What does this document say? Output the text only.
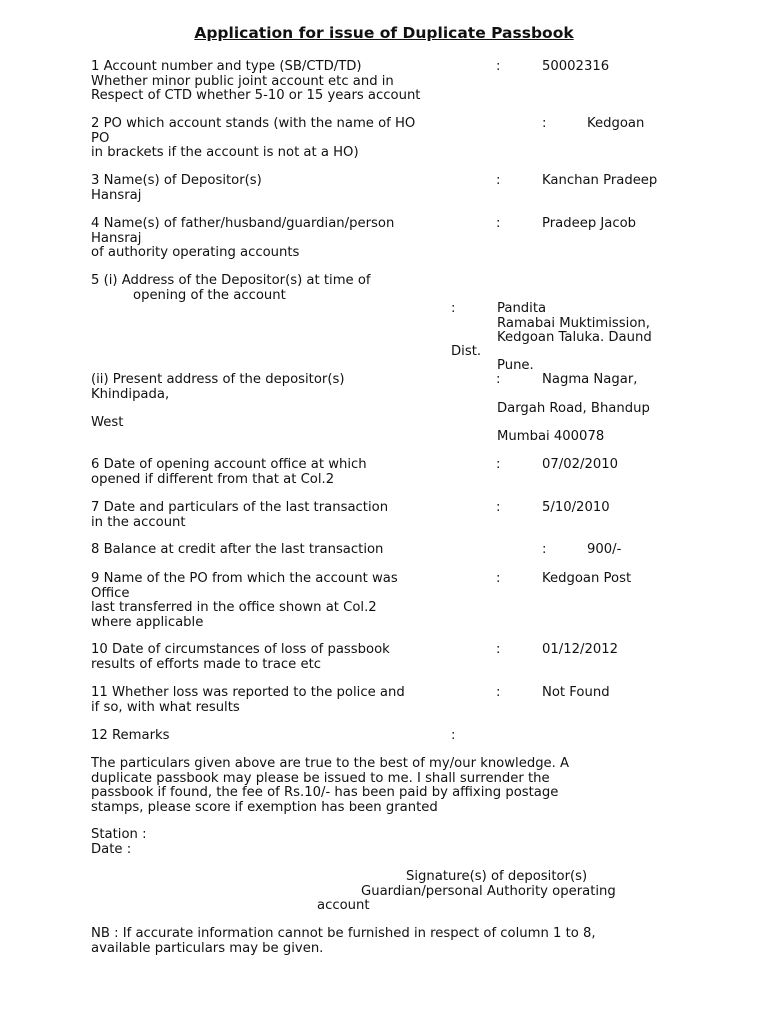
Application for issue of Duplicate Passbook
1 Account number and type (SB/CTD/TD)
Whether minor public joint account etc and in
Respect of CTD whether 5-10 or 15 years account
:	50002316
2 PO which account stands (with the name of HO
PO
in brackets if the account is not at a HO)
:	Kedgoan
3 Name(s) of Depositor(s)
Hansraj
:	Kanchan Pradeep
4 Name(s) of father/husband/guardian/person
Hansraj
of authority operating accounts
:	Pradeep Jacob
5 (i) Address of the Depositor(s) at time of
opening of the account
:	Pandita
Ramabai Muktimission,
Kedgoan Taluka. Daund
Dist.
Pune.
(ii) Present address of the depositor(s)
Khindipada,
West
:	Nagma Nagar,
Dargah Road, Bhandup
Mumbai 400078
6 Date of opening account office at which
opened if different from that at Col.2
:	07/02/2010
7 Date and particulars of the last transaction
in the account
:	5/10/2010
8 Balance at credit after the last transaction	:	900/-
9 Name of the PO from which the account was
Office
last transferred in the office shown at Col.2
where applicable
:	Kedgoan Post
10 Date of circumstances of loss of passbook
results of efforts made to trace etc
:	01/12/2012
11 Whether loss was reported to the police and
if so, with what results
:	Not Found
12 Remarks	:
The particulars given above are true to the best of my/our knowledge. A
duplicate passbook may please be issued to me. I shall surrender the
passbook if found, the fee of Rs.10/- has been paid by affixing postage
stamps, please score if exemption has been granted
Station :
Date :
Signature(s) of depositor(s)
Guardian/personal Authority operating
account
NB : If accurate information cannot be furnished in respect of column 1 to 8,
available particulars may be given.
